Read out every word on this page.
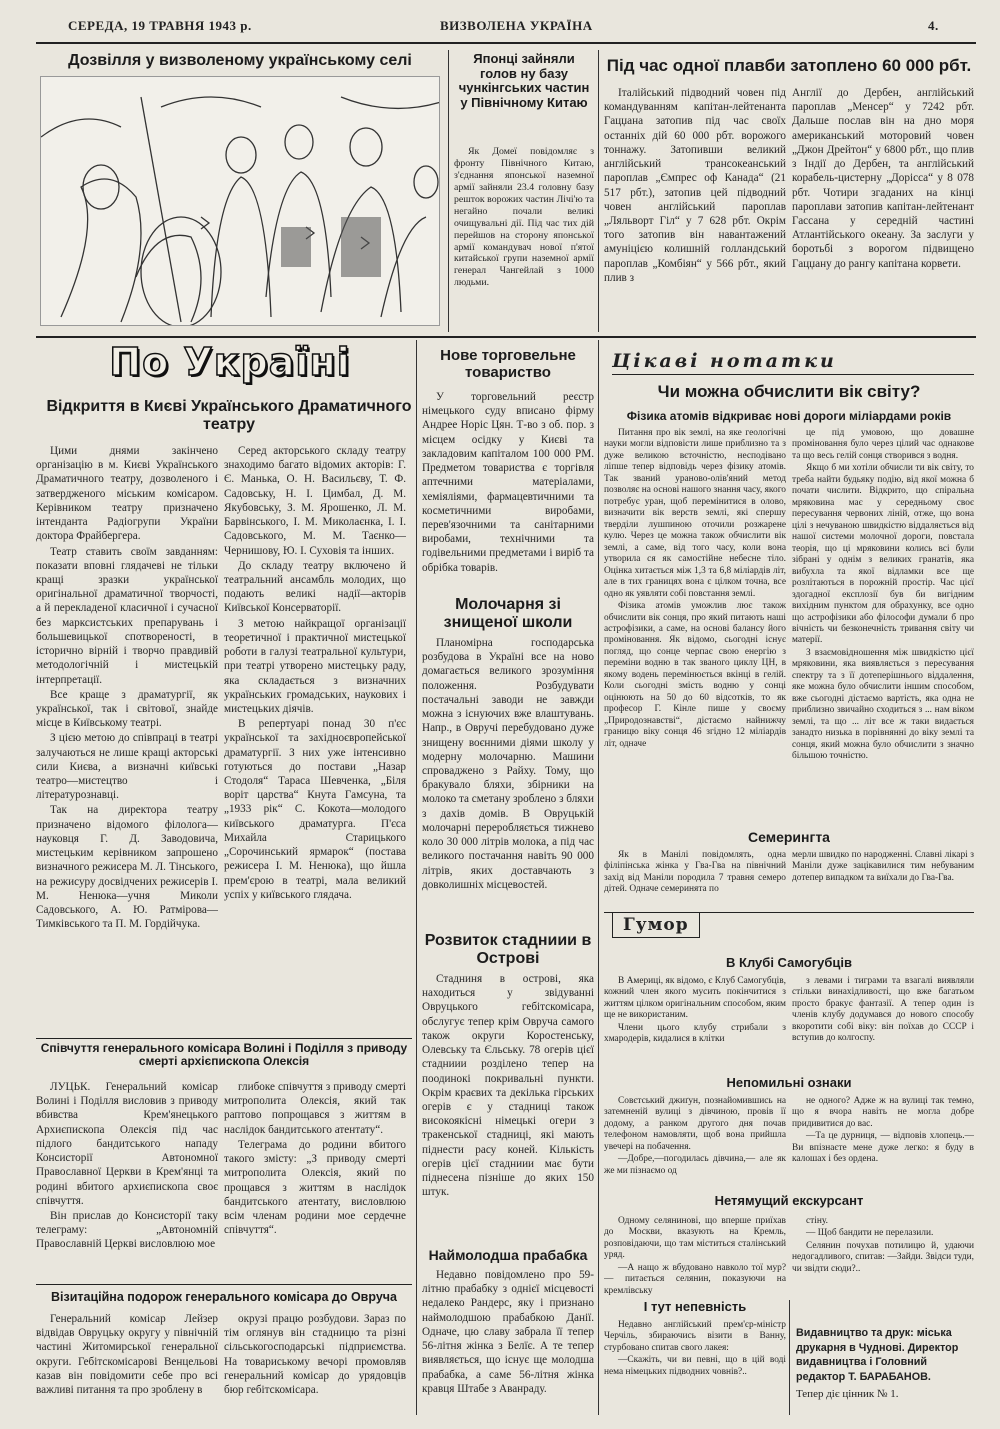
СЕРЕДА, 19 ТРАВНЯ 1943 р.	ВИЗВОЛЕНА УКРАЇНА	4.
Дозвілля у визволеному українському селі	Японці зайняли голов ну базу чункінгських частин у Північному Китаю

Як Домеї повідомляє з фронту Північного Китаю, з'єднання японської наземної армії зайняли 23.4 головну базу решток ворожих частин Лічі'ю та негайно почали великі очищувальні дії. Під час тих дій перейшов на сторону японської армії командувач нової п'ятої китайської групи наземної армії генерал Чангейлай з 1000 людьми.

Під час одної плавби затоплено 60 000 рбт.

Італійський підводний човен під командуванням капітан-лейтенанта Гацџана затопив під час своїх останніх дій 60 000 рбт. ворожого тоннажу. Затопивши великий англійський трансокеанський пароплав „Ємпрес оф Канада“ (21 517 рбт.), затопив цей підводний човен англійський пароплав „Ляльворт Гіл“ у 7 628 рбт. Окрім того затопив він навантажений амуніцією колишній голландський пароплав „Комбіян“ у 566 рбт., який плив з

Англії до Дербен, англійський пароплав „Менсер“ у 7242 рбт. Дальше послав він на дно моря американський моторовий човен „Джон Дрейтон“ у 6800 рбт., що плив з Індії до Дербен, та англійський корабель-цистерну „Дорісса“ у 8 078 рбт. Чотири згаданих на кінці пароплави затопив капітан-лейтенант Гассана у середній частині Атлантійського океану. За заслуги у боротьбі з ворогом підвищено Гацџану до рангу капітана корвети.

По Україні
Відкриття в Києві Українського Драматичного театру

Цими днями закінчено організацію в м. Києві Українського Драматичного театру, дозволеного і затвердженого міським комісаром. Керівником театру призначено інтенданта Радіогрупи України доктора Фрайбергера.

Театр ставить своїм завданням: показати вповні глядачеві не тільки кращі зразки української оригінальної драматичної творчості, а й перекладеної класичної і сучасної без марксистських препарувань і большевицької спотвореності, в історично вірній і творчо правдивій методологічній і мистецькій інтерпретації.

Все краще з драматургії, як української, так і світової, знайде місце в Київському театрі.

З цією метою до співпраці в театрі залучаються не лише кращі акторські сили Києва, а визначні київські театро—мистецтво і літературознавці.

Так на директора театру призначено відомого філолога—науковця Г. Д. Заводовича, мистецьким керівником запрошено визначного режисера М. Л. Тінського, на режисуру досвідчених режисерів І. М. Ненюка—учня Миколи Садовського, А. Ю. Ратмірова—Тимківського та П. М. Гордійчука.

Серед акторського складу театру знаходимо багато відомих акторів: Г. Є. Манька, О. Н. Васильєву, Т. Ф. Садовську, Н. І. Цимбал, Д. М. Якубовську, З. М. Ярошенко, Л. М. Барвінського, І. М. Миколаєнка, І. І. Садовського, М. М. Таєнко—Чернишову, Ю. І. Суховія та інших.

До складу театру включено й театральний ансамбль молодих, що подають великі надії—акторів Київської Консерваторії.

З метою найкращої організації теоретичної і практичної мистецької роботи в галузі театральної культури, при театрі утворено мистецьку раду, яка складається з визначних українських громадських, наукових і мистецьких діячів.

В репертуарі понад 30 п'єс української та західноєвропейської драматургії. З них уже інтенсивно готуються до постави „Назар Стодоля“ Тараса Шевченка, „Біля воріт царства“ Кнута Гамсуна, та „1933 рік“ С. Кокота—молодого київського драматурга. П'єса Михайла Старицького „Сорочинський ярмарок“ (постава режисера І. М. Ненюка), що йшла прем'єрою в театрі, мала великий успіх у київського глядача.

Співчуття генерального комісара Волині і Поділля з приводу смерті архієпископа Олексія

ЛУЦЬК. Генеральний комісар Волині і Поділля висловив з приводу вбивства Крем'янецького Архиєпископа Олексія під час підлого бандитського нападу Консисторії Автономної Православної Церкви в Крем'янці та родині вбитого архиєпископа своє співчуття.

Він прислав до Консисторії таку телеграму: „Автономній Православній Церкві висловлюю мое

глибоке співчуття з приводу смерті митрополита Олексія, який так раптово попрощався з життям в наслідок бандитського атентату“.

Телеграма до родини вбитого такого змісту: „З приводу смерті митрополита Олексія, який по прощався з життям в наслідок бандитського атентату, висловлюю всім членам родини мое сердечне співчуття“.

Візитаційна подорож генерального комісара до Овруча

Генеральний комісар Лейзер відвідав Овруцьку округу у північній частині Житомирської генеральної округи. Гебітскомісарові Венцельові казав він повідомити себе про всі важливі питання та про зроблену в

окрузі працю розбудови. Зараз по тім оглянув він стадницю та різні сільськогосподарські підприємства. На товариському вечорі промовляв генеральний комісар до урядовців бюр гебітскомісара.

Нове торговельне товариство

У торговельний реєстр німецького суду вписано фірму Андрее Норіс Цян. Т-во з об. пор. з місцем осідку у Києві та закладовим капіталом 100 000 РМ. Предметом товариства є торгівля аптечними матеріалами, хеміяліями, фармацевтичними та косметичними виробами, перев'язочними та санітарними виробами, технічними та годівельними предметами і виріб та обрібка товарів.

Молочарня зі знищеної школи

Планомірна господарська розбудова в Україні все на ново домагається великого зрозуміння положення. Розбудувати постачальні заводи не завжди можна з існуючих вже влаштувань. Напр., в Овручі перебудовано дуже знищену воєнними діями школу у модерну молочарню. Машини спроваджено з Райху. Тому, що бракувало бляхи, збірники на молоко та сметану зроблено з бляхи з дахів домів. В Овруцькій молочарні переробляється тижнево коло 30 000 літрів молока, а під час великого постачання навіть 90 000 літрів, яких доставчають з довколишніх місцевостей.

Розвиток стадниии в Острові

Стадниня в острові, яка находиться у звідуванні Овруцького гебітскомісара, обслугує тепер крім Овруча самого також округи Коростенську, Олевську та Єльську. 78 огерів цієї стадниии розділено тепер на поодинокі покривальні пункти. Окрім краєвих та декілька гірських огерів є у стадниці також високоякісні німецькі огери з тракенської стадниці, які мають піднести расу коней. Кількість огерів цієї стадниии має бути піднесена пізніше до яких 150 штук.

Наймолодша прабабка

Недавно повідомлено про 59-літню прабабку з однієї місцевості недалеко Рандерс, яку і признано наймолодшою прабабкою Данії. Одначе, цю славу забрала її тепер 56-літня жінка з Белїє. А те тепер виявляється, що існує ще молодша прабабка, а саме 56-літня жінка кравця Штабе з Аванраду.

Цікаві нотатки
Чи можна обчислити вік світу?
Фізика атомів відкриває нові дороги міліардами років

Питання про вік землі, на яке геологічні науки могли відповісти лише приблизно та з дуже великою вєточністю, несподівано ліпше тепер відповідь через фізику атомів. Так званий ураново-олів'яний метод позволяє на основі нашого знання часу, якого потребує уран, щоб перемінитися в олово, визначити вік верств землі, які спершу тверділи лушпиною оточили розжарене кулю. Через це можна також обчислити вік землі, а саме, від того часу, коли вона утворила ся як самостійне небесне тіло. Оцінка хитається між 1,3 та 6,8 міліардів літ, але в тих границях вона є цілком точна, все одно як уявляти собі повстання землі.

Фізика атомів уможлив лює також обчислити вік сонця, про який питають наші астрофізики, а саме, на основі балансу його проміновання. Як відомо, сьогодні існує погляд, що сонце черпає свою енергію з переміни водню в так званого циклу ЦН, в якому водень перемінюється вкінці в гелій. Коли сьогодні змість водню у сонці оцінюють на 50 до 60 відсотків, то як професор Г. Кінле пише у своєму „Природознавстві“, дістаємо найнижчу границю віку сонця 46 згідно 12 міліардів літ, одначе

це під умовою, що довашне проміновання було через цілий час однакове та що весь гелій сонця створився з водня.

Якщо б ми хотіли обчисли ти вік світу, то треба найти будьяку подію, від якої можна б почати числити. Відкрито, що спіральна мряковина має у середньому своє пересування червоних ліній, отже, що вона цілі з нечуваною швидкістю віддаляється від нашої системи молочної дороги, повстала теорія, що ці мряковини колись всі були зібрані у однім з великих гранатів, яка вибухла та якої відламки все ще розлітаються в порожній простір. Час цієї здогадної експлозії був би вигідним вихідним пунктом для обрахунку, все одно що астрофізики або філософи думали б про вічність чи безконечність тривання світу чи матерії.

З взаємовідношення між швидкістю цієї мряковини, яка виявляється з пересування спектру та з її дотеперішнього віддалення, яке можна було обчислити іншим способом, вже сьогодні дістаємо вартість, яка одна не приблизно звичайно сходиться з ... нам віком землі, та що ... літ все ж таки видається занадто низька в порівнянні до віку землі та сонця, який можна було обчислити з значно більшою точністю.

Семерингта

Як в Манілі повідомлять, одна філіпінська жінка у Гва-Гва на північний захід від Маніли породила 7 травня семеро дітей. Одначе семеринята по

мерли швидко по народженні. Славні лікарі з Маніли дуже зацікавилися тим небуваним дотепер випадком та виїхали до Гва-Гва.

Гумор
В Клубі Самогубців

В Америці, як відомо, є Клуб Самогубців, кожний член якого мусить покінчитися з життям цілком оригінальним способом, яким ще не використаним.

Члени цього клубу стрибали з хмародерів, кидалися в клітки

з левами і тиграми та взагалі виявляли стільки винахідливості, що вже багатьом просто бракує фантазії. А тепер один із членів клубу додумався до нового способу вкоротити собі віку: він поїхав до СССР і вступив до колгоспу.

Непомильні ознаки

Совєтський джиґун, познайомившись на затемненій вулиці з дівчиною, провів її додому, а ранком другого дня почав телефоном намовляти, щоб вона прийшла увечері на побачення.

—Добре,—погодилась дівчина,— але як же ми пізнаємо од

не одного? Адже ж на вулиці так темно, що я вчора навіть не могла добре придивитися до вас.

—Та це дурниця, — відповів хлопець.—Ви впізнаєте мене дуже легко: я буду в калошах і без ордена.

Нетямущий екскурсант

Одному селянинові, що вперше приїхав до Москви, вказують на Кремль, розповідаючи, що там міститься сталінський уряд.

—А нащо ж вбудовано навколо тої мур? — питається селянин, показуючи на кремлівську

стіну.

— Щоб бандити не перелазили.

Селянин почухав потилицю й, удаючи недогадливого, спитав: —Зайди. Звідси туди, чи звідти сюди?..

І тут непевність

Недавно англійський прем'єр-міністр Черчіль, збираючись візити в Ванну, стурбовано спитав свого лакея:

—Скажіть, чи ви певні, що в цій воді нема німецьких підводних човнів?..

Видавництво та друк: міська друкарня в Чуднові. Директор видавництва і Головний редактор Т. БАРАБАНОВ.
Тепер діє цінник № 1.
